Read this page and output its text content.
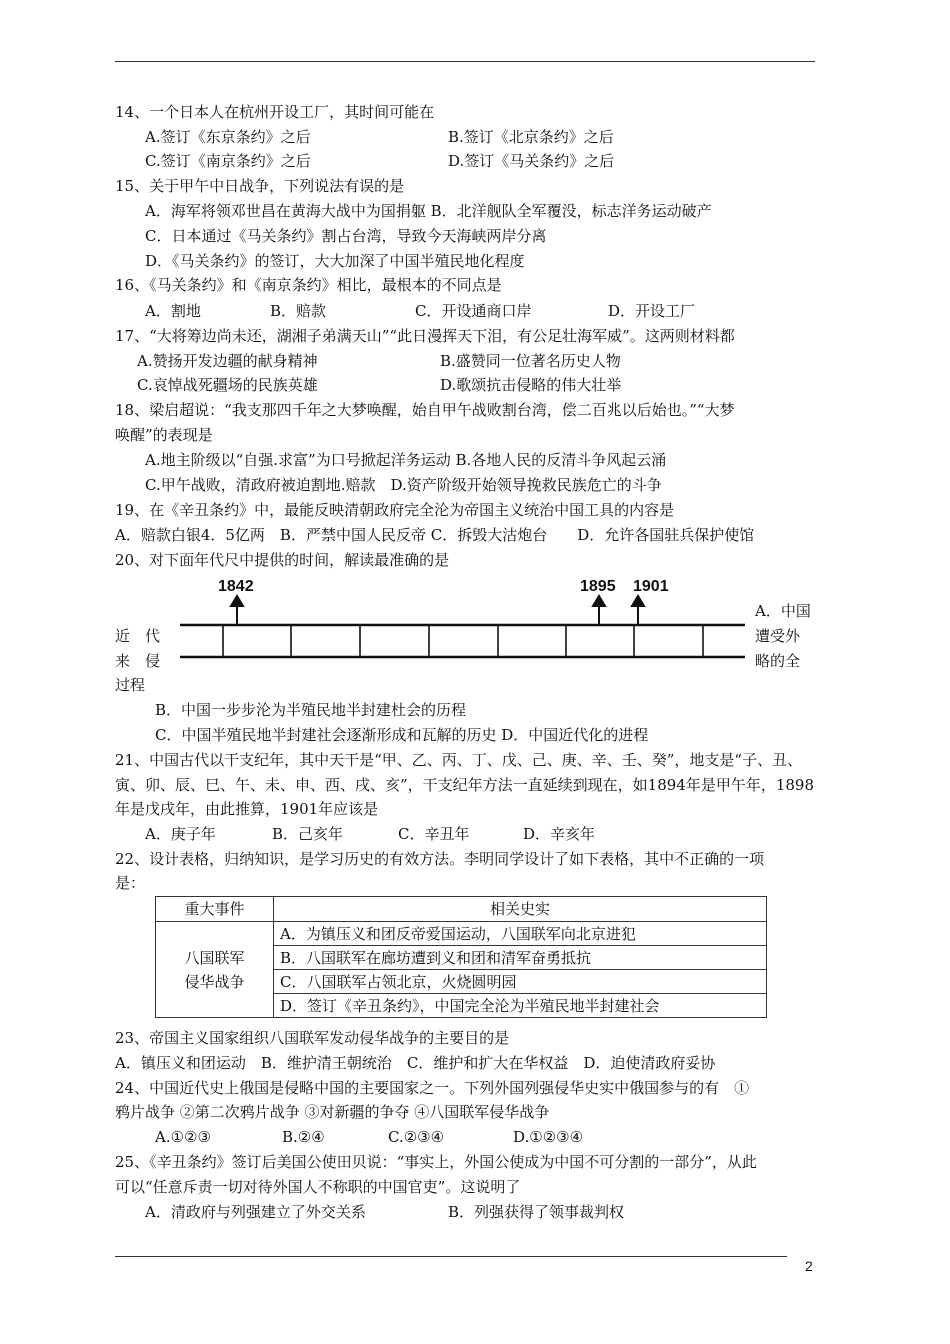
14、一个日本人在杭州开设工厂，其时间可能在
A.签订《东京条约》之后	B.签订《北京条约》之后
C.签订《南京条约》之后	D.签订《马关条约》之后
15、关于甲午中日战争，下列说法有误的是
A．海军将领邓世昌在黄海大战中为国捐躯 B．北洋舰队全军覆没，标志洋务运动破产
C．日本通过《马关条约》割占台湾，导致今天海峡两岸分离
D．《马关条约》的签订，大大加深了中国半殖民地化程度
16、《马关条约》和《南京条约》相比，最根本的不同点是
A．割地	B．赔款	C．开设通商口岸	D．开设工厂
17、“大将筹边尚未还，湖湘子弟满天山”“此日漫挥天下泪，有公足壮海军威”。这两则材料都
A.赞扬开发边疆的献身精神	B.盛赞同一位著名历史人物
C.哀悼战死疆场的民族英雄	D.歌颂抗击侵略的伟大壮举
18、梁启超说：“我支那四千年之大梦唤醒，始自甲午战败割台湾，偿二百兆以后始也。”“大梦
唤醒”的表现是
A.地主阶级以“自强.求富”为口号掀起洋务运动 B.各地人民的反清斗争风起云涌
C.甲午战败，清政府被迫割地.赔款　D.资产阶级开始领导挽救民族危亡的斗争
19、在《辛丑条约》中，最能反映清朝政府完全沦为帝国主义统治中国工具的内容是
A．赔款白银4．5亿两　B．严禁中国人民反帝 C．拆毁大沽炮台　　D．允许各国驻兵保护使馆
20、对下面年代尺中提供的时间，解读最准确的是
1842	1895 1901
A．中国
近　代	遭受外
来　侵	略的全
过程
B．中国一步步沦为半殖民地半封建杜会的历程
C．中国半殖民地半封建社会逐渐形成和瓦解的历史 D．中国近代化的进程
21、中国古代以干支纪年，其中天干是“甲、乙、丙、丁、戊、己、庚、辛、壬、癸”，地支是“子、丑、
寅、卯、辰、巳、午、未、申、西、戌、亥”，干支纪年方法一直延续到现在，如1894年是甲午年，1898
年是戊戌年，由此推算，1901年应该是
A．庚子年	B．己亥年	C．辛丑年	D．辛亥年
22、设计表格，归纳知识，是学习历史的有效方法。李明同学设计了如下表格，其中不正确的一项
是：
重大事件	相关史实
八国联军
侵华战争	A．为镇压义和团反帝爱国运动，八国联军向北京进犯
	B．八国联军在廊坊遭到义和团和清军奋勇抵抗
	C．八国联军占领北京，火烧圆明园
	D．签订《辛丑条约》，中国完全沦为半殖民地半封建社会
23、帝国主义国家组织八国联军发动侵华战争的主要目的是
A．镇压义和团运动　B．维护清王朝统治　C．维护和扩大在华权益　D．迫使清政府妥协
24、中国近代史上俄国是侵略中国的主要国家之一。下列外国列强侵华史实中俄国参与的有　①
鸦片战争 ②第二次鸦片战争 ③对新疆的争夺 ④八国联军侵华战争
A.①②③	B.②④	C.②③④	D.①②③④
25、《辛丑条约》签订后美国公使田贝说：“事实上，外国公使成为中国不可分割的一部分”，从此
可以“任意斥责一切对待外国人不称职的中国官吏”。这说明了
A．清政府与列强建立了外交关系	B．列强获得了领事裁判权
2
